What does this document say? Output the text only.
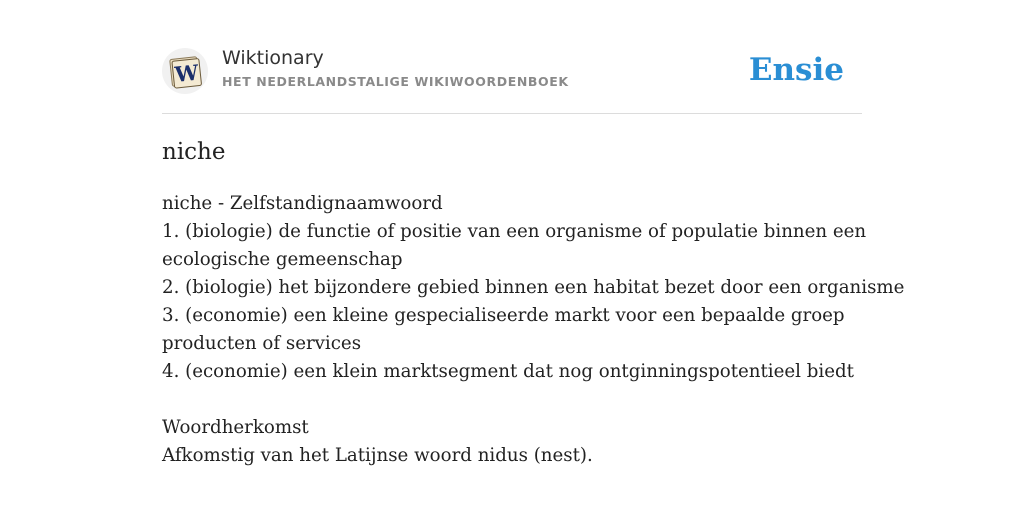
W
Wiktionary
HET NEDERLANDSTALIGE WIKIWOORDENBOEK	Ensie
niche
niche - Zelfstandignaamwoord
1. (biologie) de functie of positie van een organisme of populatie binnen een
ecologische gemeenschap
2. (biologie) het bijzondere gebied binnen een habitat bezet door een organisme
3. (economie) een kleine gespecialiseerde markt voor een bepaalde groep
producten of services
4. (economie) een klein marktsegment dat nog ontginningspotentieel biedt
Woordherkomst
Afkomstig van het Latijnse woord nidus (nest).
